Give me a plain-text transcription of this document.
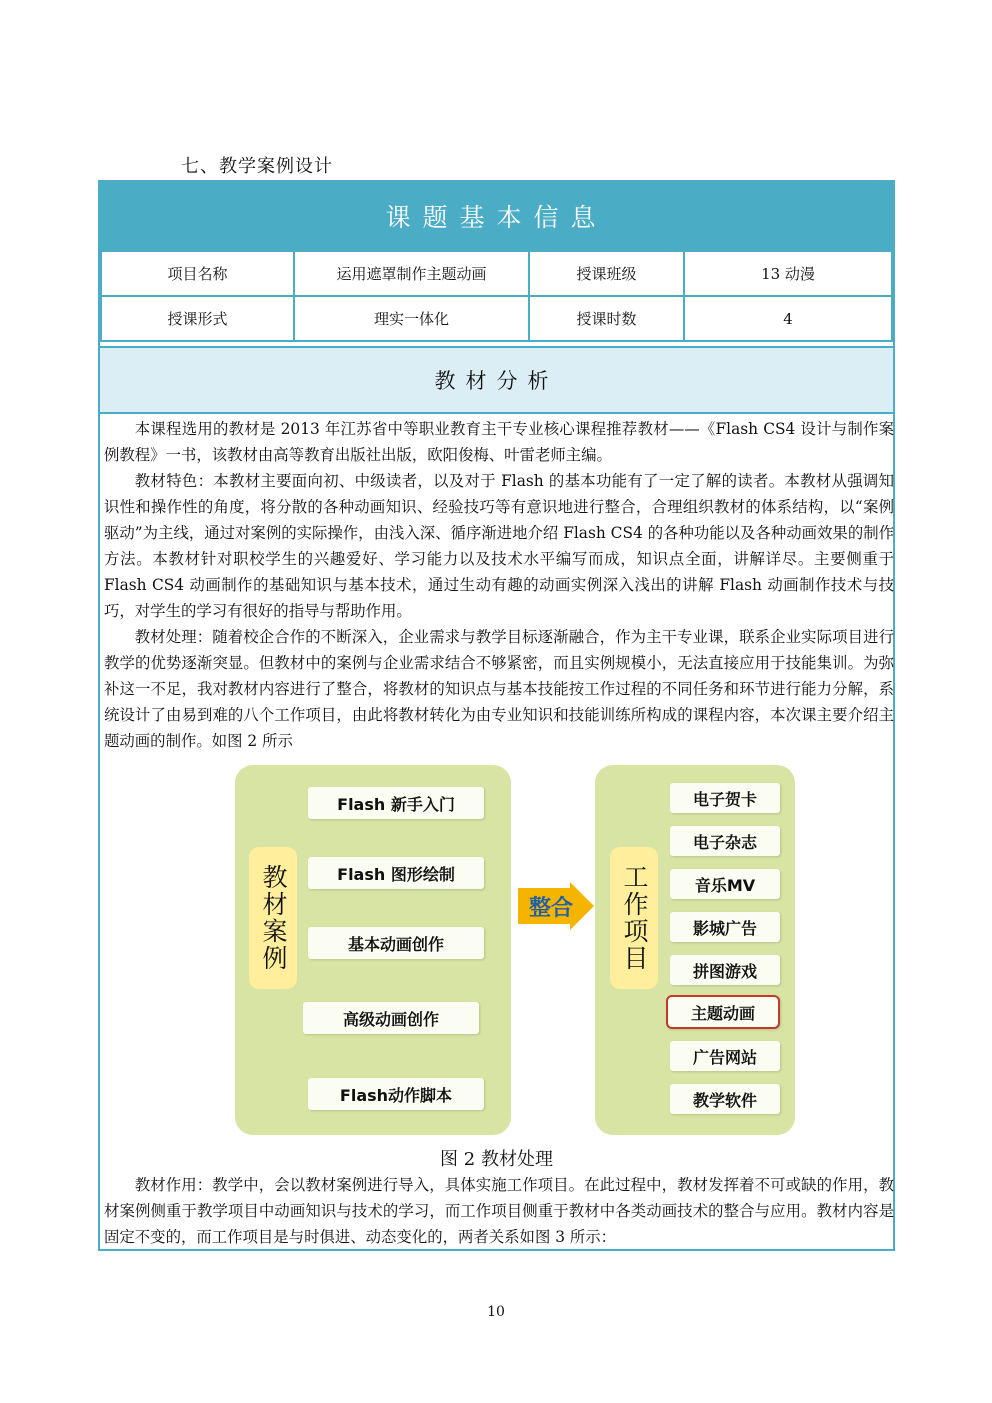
七、教学案例设计
课题基本信息
项目名称	运用遮罩制作主题动画	授课班级	13 动漫
授课形式	理实一体化	授课时数	4
教材分析

本课程选用的教材是 2013 年江苏省中等职业教育主干专业核心课程推荐教材——《Flash CS4 设计与制作案例教程》一书，该教材由高等教育出版社出版，欧阳俊梅、叶雷老师主编。

教材特色：本教材主要面向初、中级读者，以及对于 Flash 的基本功能有了一定了解的读者。本教材从强调知识性和操作性的角度，将分散的各种动画知识、经验技巧等有意识地进行整合，合理组织教材的体系结构，以“案例驱动”为主线，通过对案例的实际操作，由浅入深、循序渐进地介绍 Flash CS4 的各种功能以及各种动画效果的制作方法。本教材针对职校学生的兴趣爱好、学习能力以及技术水平编写而成，知识点全面，讲解详尽。主要侧重于 Flash CS4 动画制作的基础知识与基本技术，通过生动有趣的动画实例深入浅出的讲解 Flash 动画制作技术与技巧，对学生的学习有很好的指导与帮助作用。

教材处理：随着校企合作的不断深入，企业需求与教学目标逐渐融合，作为主干专业课，联系企业实际项目进行教学的优势逐渐突显。但教材中的案例与企业需求结合不够紧密，而且实例规模小，无法直接应用于技能集训。为弥补这一不足，我对教材内容进行了整合，将教材的知识点与基本技能按工作过程的不同任务和环节进行能力分解，系统设计了由易到难的八个工作项目，由此将教材转化为由专业知识和技能训练所构成的课程内容，本次课主要介绍主题动画的制作。如图 2 所示

教材案例
Flash 新手入门
Flash 图形绘制
基本动画创作
高级动画创作
Flash动作脚本
整合	工作项目
电子贺卡
电子杂志
音乐MV
影城广告
拼图游戏
主题动画
广告网站
教学软件
图 2 教材处理

教材作用：教学中，会以教材案例进行导入，具体实施工作项目。在此过程中，教材发挥着不可或缺的作用，教材案例侧重于教学项目中动画知识与技术的学习，而工作项目侧重于教材中各类动画技术的整合与应用。教材内容是固定不变的，而工作项目是与时俱进、动态变化的，两者关系如图 3 所示：

10
